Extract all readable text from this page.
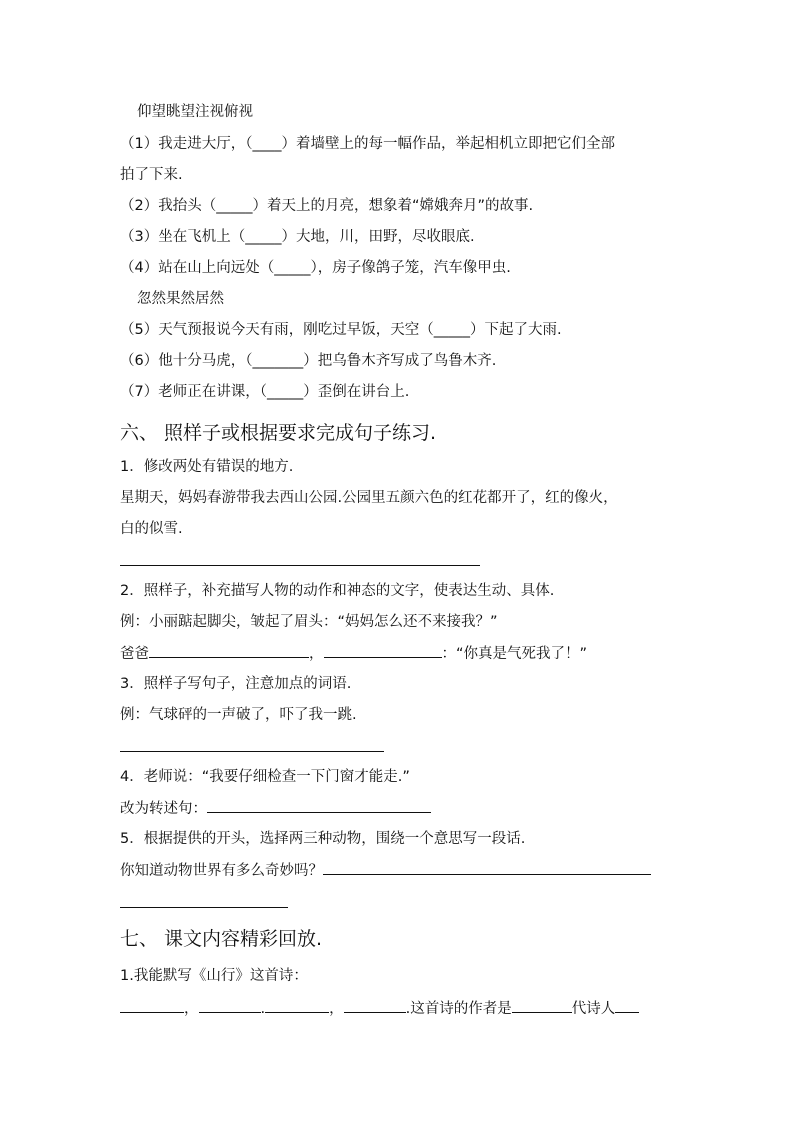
仰望眺望注视俯视
（1）我走进大厅，（____）着墙壁上的每一幅作品，举起相机立即把它们全部
拍了下来.
（2）我抬头（_____）着天上的月亮，想象着“嫦娥奔月”的故事.
（3）坐在飞机上（_____）大地，川，田野，尽收眼底.
（4）站在山上向远处（_____），房子像鸽子笼，汽车像甲虫.
忽然果然居然
（5）天气预报说今天有雨，刚吃过早饭，天空（_____）下起了大雨.
（6）他十分马虎，（_______）把乌鲁木齐写成了鸟鲁木齐.
（7）老师正在讲课，（_____）歪倒在讲台上.
六、 照样子或根据要求完成句子练习.
1．修改两处有错误的地方.
星期天，妈妈春游带我去西山公园.公园里五颜六色的红花都开了，红的像火，
白的似雪.
2．照样子，补充描写人物的动作和神态的文字，使表达生动、具体.
例：小丽踮起脚尖，皱起了眉头：“妈妈怎么还不来接我？”
爸爸	，	：“你真是气死我了！”
3．照样子写句子，注意加点的词语.
例：气球砰的一声破了，吓了我一跳.
4．老师说：“我要仔细检查一下门窗才能走.”
改为转述句：
5．根据提供的开头，选择两三种动物，围绕一个意思写一段话.
你知道动物世界有多么奇妙吗？
七、 课文内容精彩回放.
1.我能默写《山行》这首诗：
，	.	，	.这首诗的作者是	代诗人
